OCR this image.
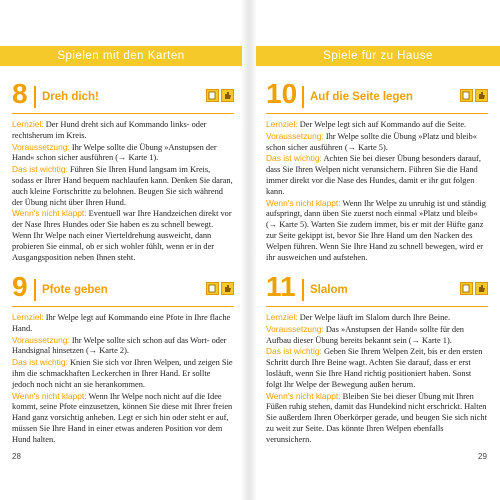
Spielen mit den Karten	Spiele für zu Hause
8 Dreh dich!
Lernziel: Der Hund dreht sich auf Kommando links- oder rechtsherum im Kreis.
Voraussetzung: Ihr Welpe sollte die Übung »Anstupsen der Hand« schon sicher ausführen (→ Karte 1).
Das ist wichtig: Führen Sie Ihren Hund langsam im Kreis, sodass er Ihrer Hand bequem nachlaufen kann. Denken Sie daran, auch kleine Fortschritte zu belohnen. Beugen Sie sich während der Übung nicht über Ihren Hund.
Wenn's nicht klappt: Eventuell war Ihre Handzeichen direkt vor der Nase Ihres Hundes oder Sie haben es zu schnell bewegt. Wenn Ihr Welpe nach einer Vierteldrehung ausweicht, dann probieren Sie einmal, ob er sich wohler fühlt, wenn er in der Ausgangsposition neben Ihnen steht.
9 Pfote geben
Lernziel: Ihr Welpe legt auf Kommando eine Pfote in Ihre flache Hand.
Voraussetzung: Ihr Welpe sollte sich schon auf das Wort- oder Handsignal hinsetzen (→ Karte 2).
Das ist wichtig: Knien Sie sich vor Ihren Welpen, und zeigen Sie ihm die schmackhaften Leckerchen in Ihrer Hand. Er sollte jedoch noch nicht an sie herankommen.
Wenn's nicht klappt: Wenn Ihr Welpe noch nicht auf die Idee kommt, seine Pfote einzusetzen, können Sie diese mit Ihrer freien Hand ganz vorsichtig anheben. Legt er sich hin oder steht er auf, müssen Sie Ihre Hand in einer etwas anderen Position vor dem Hund halten.
10 Auf die Seite legen
Lernziel: Der Welpe legt sich auf Kommando auf die Seite.
Voraussetzung: Ihr Welpe sollte die Übung »Platz und bleib« schon sicher ausführen (→ Karte 5).
Das ist wichtig: Achten Sie bei dieser Übung besonders darauf, dass Sie Ihren Welpen nicht verunsichern. Führen Sie die Hand immer direkt vor die Nase des Hundes, damit er ihr gut folgen kann.
Wenn's nicht klappt: Wenn Ihr Welpe zu unruhig ist und ständig aufspringt, dann üben Sie zuerst noch einmal »Platz und bleib« (→ Karte 5). Warten Sie zudem immer, bis er mit der Hüfte ganz zur Seite gekippt ist, bevor Sie Ihre Hand um den Nacken des Welpen führen. Wenn Sie Ihre Hand zu schnell bewegen, wird er ihr ausweichen und aufstehen.
11 Slalom
Lernziel: Der Welpe läuft im Slalom durch Ihre Beine.
Voraussetzung: Das »Anstupsen der Hand« sollte für den Aufbau dieser Übung bereits bekannt sein (→ Karte 1).
Das ist wichtig: Geben Sie Ihrem Welpen Zeit, bis er den ersten Schritt durch Ihre Beine wagt. Achten Sie darauf, dass er erst losläuft, wenn Sie Ihre Hand richtig positioniert haben. Sonst folgt Ihr Welpe der Bewegung außen herum.
Wenn's nicht klappt: Bleiben Sie bei dieser Übung mit Ihren Füßen ruhig stehen, damit das Hundekind nicht erschrickt. Halten Sie außerdem Ihren Oberkörper gerade, und beugen Sie sich nicht zu weit zur Seite. Das könnte Ihren Welpen ebenfalls verunsichern.
28	29
